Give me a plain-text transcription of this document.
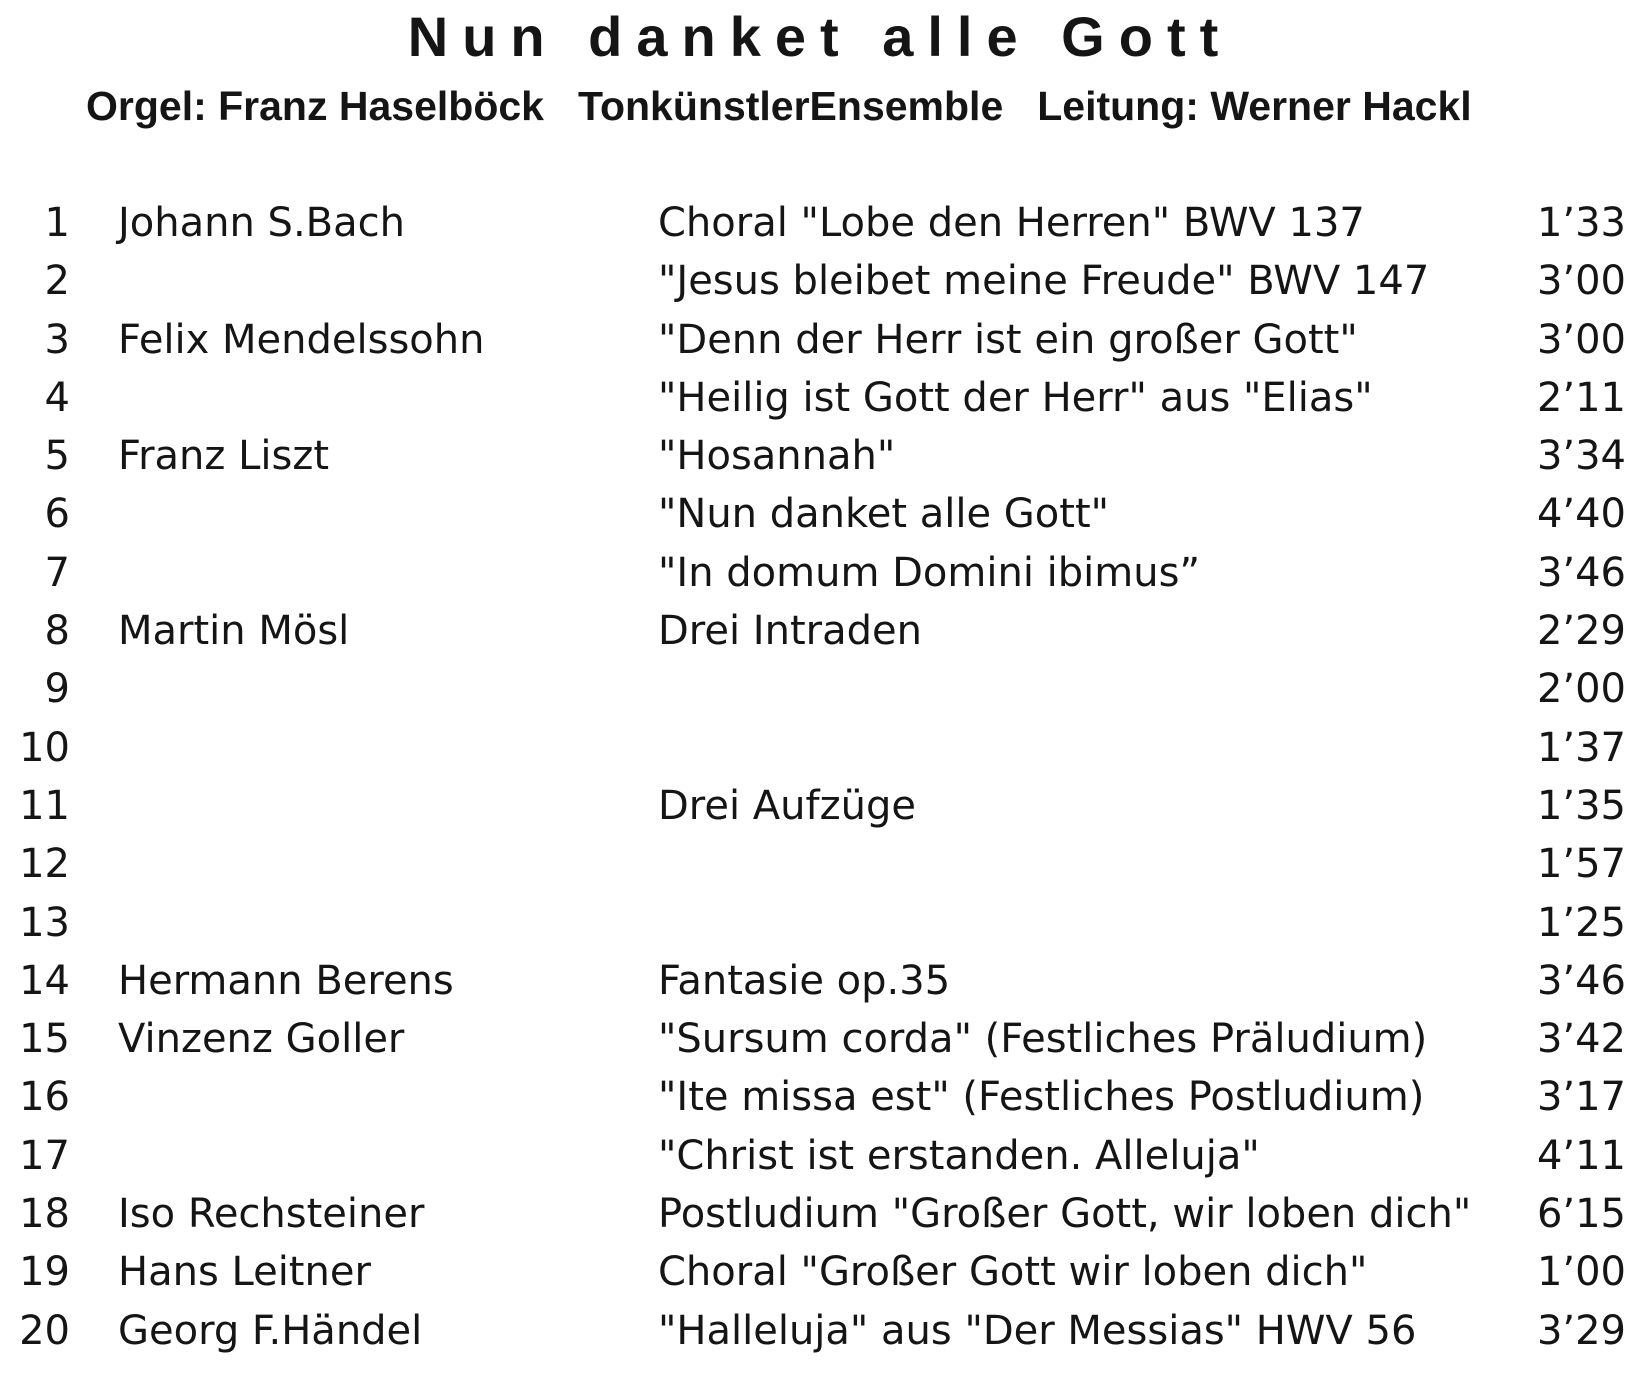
Nun danket alle Gott
Orgel: Franz Haselböck TonkünstlerEnsemble Leitung: Werner Hackl
1 Johann S.Bach	Choral "Lobe den Herren" BWV 137	1’33
2	"Jesus bleibet meine Freude" BWV 147	3’00
3 Felix Mendelssohn	"Denn der Herr ist ein großer Gott"	3’00
4	"Heilig ist Gott der Herr" aus "Elias"	2’11
5 Franz Liszt	"Hosannah"	3’34
6	"Nun danket alle Gott"	4’40
7	"In domum Domini ibimus”	3’46
8 Martin Mösl	Drei Intraden	2’29
9	2’00
10	1’37
11	Drei Aufzüge	1’35
12	1’57
13	1’25
14 Hermann Berens	Fantasie op.35	3’46
15 Vinzenz Goller	"Sursum corda" (Festliches Präludium)	3’42
16	"Ite missa est" (Festliches Postludium)	3’17
17	"Christ ist erstanden. Alleluja"	4’11
18 Iso Rechsteiner	Postludium "Großer Gott, wir loben dich" 6’15
19 Hans Leitner	Choral "Großer Gott wir loben dich"	1’00
20 Georg F.Händel	"Halleluja" aus "Der Messias" HWV 56	3’29
